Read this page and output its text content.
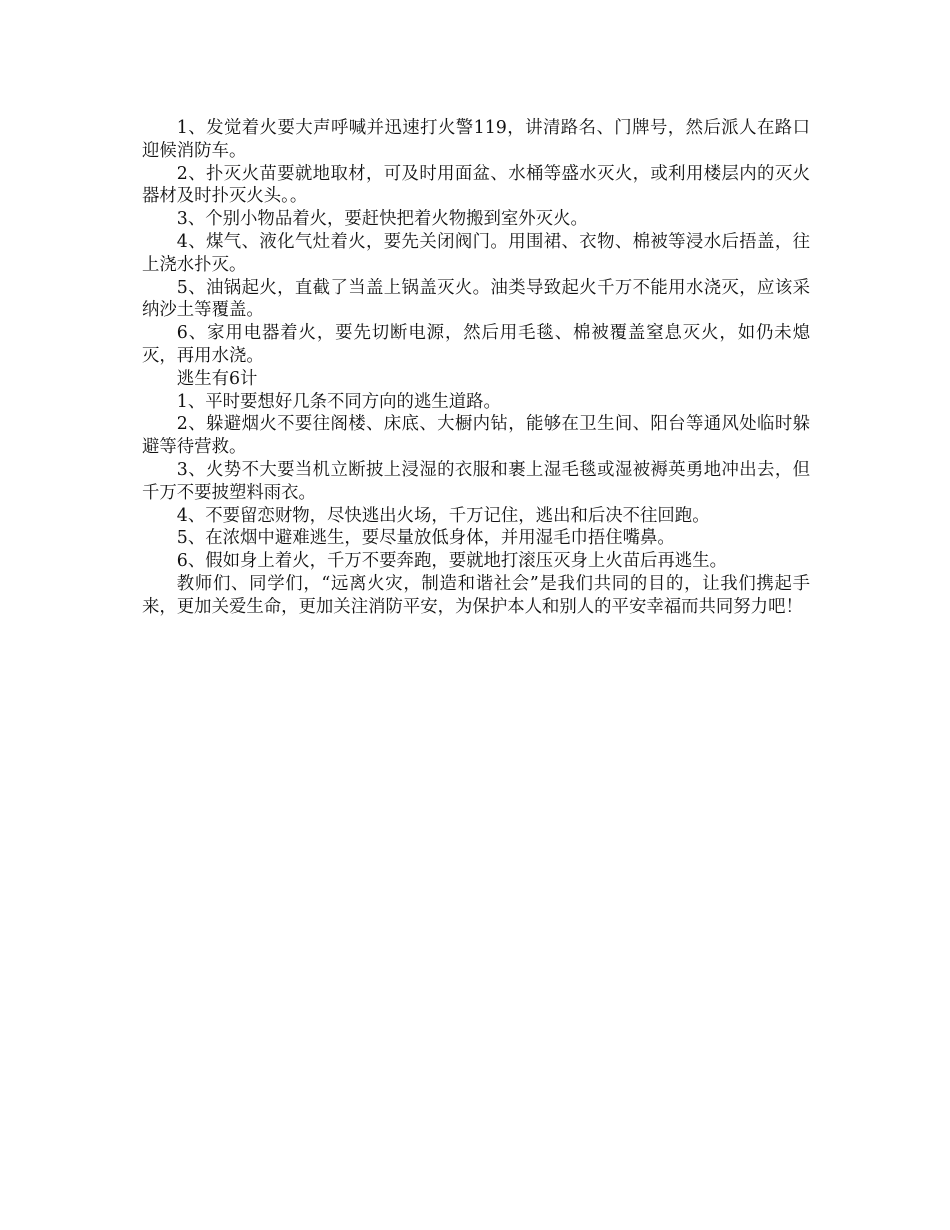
1、发觉着火要大声呼喊并迅速打火警119，讲清路名、门牌号，然后派人在路口迎候消防车。

2、扑灭火苗要就地取材，可及时用面盆、水桶等盛水灭火，或利用楼层内的灭火器材及时扑灭火头。。

3、个别小物品着火，要赶快把着火物搬到室外灭火。

4、煤气、液化气灶着火，要先关闭阀门。用围裙、衣物、棉被等浸水后捂盖，往上浇水扑灭。

5、油锅起火，直截了当盖上锅盖灭火。油类导致起火千万不能用水浇灭，应该采纳沙土等覆盖。

6、家用电器着火，要先切断电源，然后用毛毯、棉被覆盖窒息灭火，如仍未熄灭，再用水浇。

逃生有6计

1、平时要想好几条不同方向的逃生道路。

2、躲避烟火不要往阁楼、床底、大橱内钻，能够在卫生间、阳台等通风处临时躲避等待营救。

3、火势不大要当机立断披上浸湿的衣服和裹上湿毛毯或湿被褥英勇地冲出去，但千万不要披塑料雨衣。

4、不要留恋财物，尽快逃出火场，千万记住，逃出和后决不往回跑。

5、在浓烟中避难逃生，要尽量放低身体，并用湿毛巾捂住嘴鼻。

6、假如身上着火，千万不要奔跑，要就地打滚压灭身上火苗后再逃生。

教师们、同学们，“远离火灾，制造和谐社会”是我们共同的目的，让我们携起手来，更加关爱生命，更加关注消防平安，为保护本人和别人的平安幸福而共同努力吧！
